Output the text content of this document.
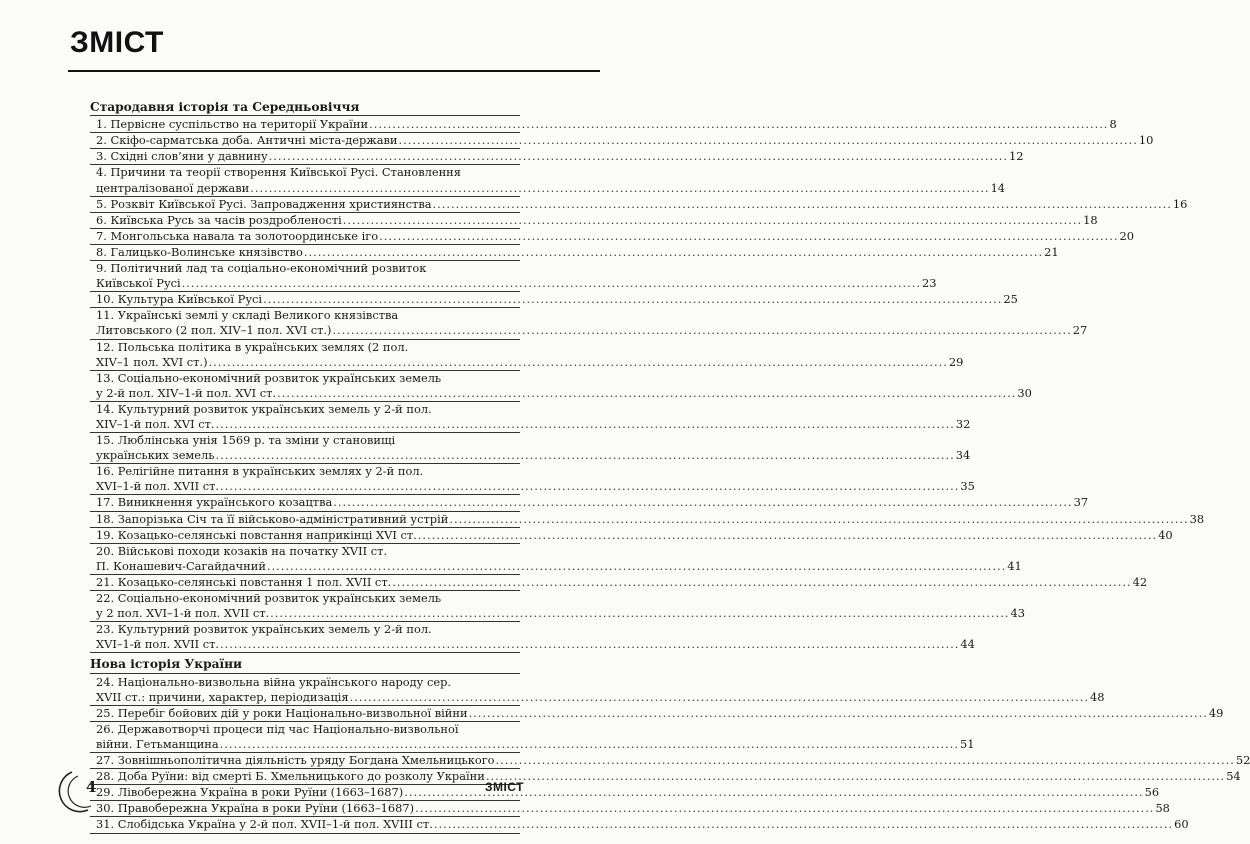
ЗМІСТ
Стародавня історія та Середньовіччя
1. Первісне суспільство на території України .....	8
2. Скіфо-сарматська доба. Античні міста-держави .....	10
3. Східні слов’яни у давнину .....	12
4. Причини та теорії створення Київської Русі. Становлення
централізованої держави .....	14
5. Розквіт Київської Русі. Запровадження християнства .....	16
6. Київська Русь за часів роздробленості .....	18
7. Монгольська навала та золотоординське іго .....	20
8. Галицько-Волинське князівство .....	21
9. Політичний лад та соціально-економічний розвиток
Київської Русі .....	23
10. Культура Київської Русі .....	25
11. Українські землі у складі Великого князівства
Литовського (2 пол. XIV–1 пол. XVI ст.) .....	27
12. Польська політика в українських землях (2 пол.
XIV–1 пол. XVI ст.) .....	29
13. Соціально-економічний розвиток українських земель
у 2-й пол. XIV–1-й пол. XVI ст. .....	30
14. Культурний розвиток українських земель у 2-й пол.
XIV–1-й пол. XVI ст. .....	32
15. Люблінська унія 1569 р. та зміни у становищі
українських земель .....	34
16. Релігійне питання в українських землях у 2-й пол.
XVI–1-й пол. XVII ст. .....	35
17. Виникнення українського козацтва .....	37
18. Запорізька Січ та її військово-адміністративний устрій .....	38
19. Козацько-селянські повстання наприкінці XVI ст. .....	40
20. Військові походи козаків на початку XVII ст.
П. Конашевич-Сагайдачний .....	41
21. Козацько-селянські повстання 1 пол. XVII ст. .....	42
22. Соціально-економічний розвиток українських земель
у 2 пол. XVI–1-й пол. XVII ст. .....	43
23. Культурний розвиток українських земель у 2-й пол.
XVI–1-й пол. XVII ст. .....	44
Нова історія України
24. Національно-визвольна війна українського народу сер.
XVII ст.: причини, характер, періодизація .....	48
25. Перебіг бойових дій у роки Національно-визвольної війни .....	49
26. Державотворчі процеси під час Національно-визвольної
війни. Гетьманщина .....	51
27. Зовнішньополітична діяльність уряду Богдана Хмельницького .....	52
28. Доба Руїни: від смерті Б. Хмельницького до розколу України .....	54
29. Лівобережна Україна в роки Руїни (1663–1687) .....	56
30. Правобережна Україна в роки Руїни (1663–1687) .....	58
31. Слобідська Україна у 2-й пол. XVII–1-й пол. XVIII ст. .....	60
4	ЗМІСТ
